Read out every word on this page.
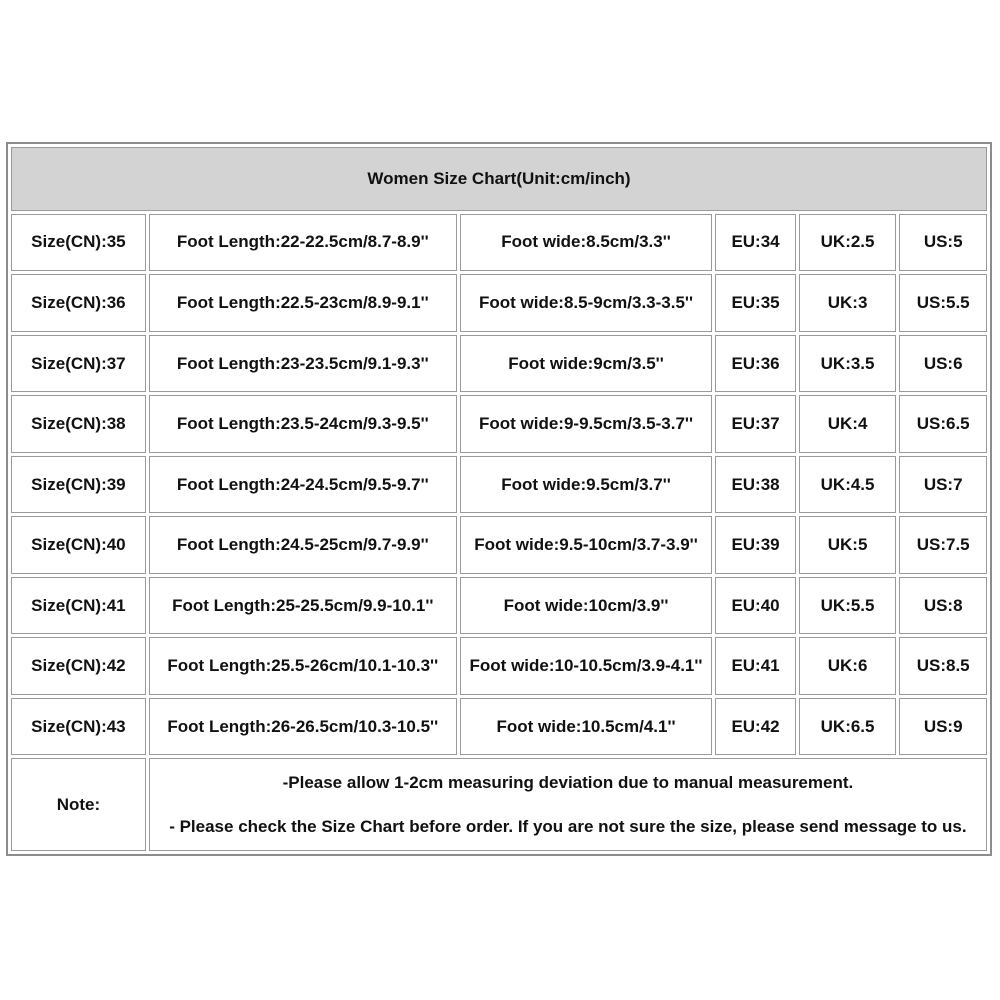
Women Size Chart(Unit:cm/inch)					
Size(CN):35	Foot Length:22-22.5cm/8.7-8.9''	Foot wide:8.5cm/3.3''	EU:34	UK:2.5	US:5
Size(CN):36	Foot Length:22.5-23cm/8.9-9.1''	Foot wide:8.5-9cm/3.3-3.5''	EU:35	UK:3	US:5.5
Size(CN):37	Foot Length:23-23.5cm/9.1-9.3''	Foot wide:9cm/3.5''	EU:36	UK:3.5	US:6
Size(CN):38	Foot Length:23.5-24cm/9.3-9.5''	Foot wide:9-9.5cm/3.5-3.7''	EU:37	UK:4	US:6.5
Size(CN):39	Foot Length:24-24.5cm/9.5-9.7''	Foot wide:9.5cm/3.7''	EU:38	UK:4.5	US:7
Size(CN):40	Foot Length:24.5-25cm/9.7-9.9''	Foot wide:9.5-10cm/3.7-3.9''	EU:39	UK:5	US:7.5
Size(CN):41	Foot Length:25-25.5cm/9.9-10.1''	Foot wide:10cm/3.9''	EU:40	UK:5.5	US:8
Size(CN):42	Foot Length:25.5-26cm/10.1-10.3''	Foot wide:10-10.5cm/3.9-4.1''	EU:41	UK:6	US:8.5
Size(CN):43	Foot Length:26-26.5cm/10.3-10.5''	Foot wide:10.5cm/4.1''	EU:42	UK:6.5	US:9
Note:	-Please allow 1-2cm measuring deviation due to manual measurement.
- Please check the Size Chart before order. If you are not sure the size, please send message to us.				
